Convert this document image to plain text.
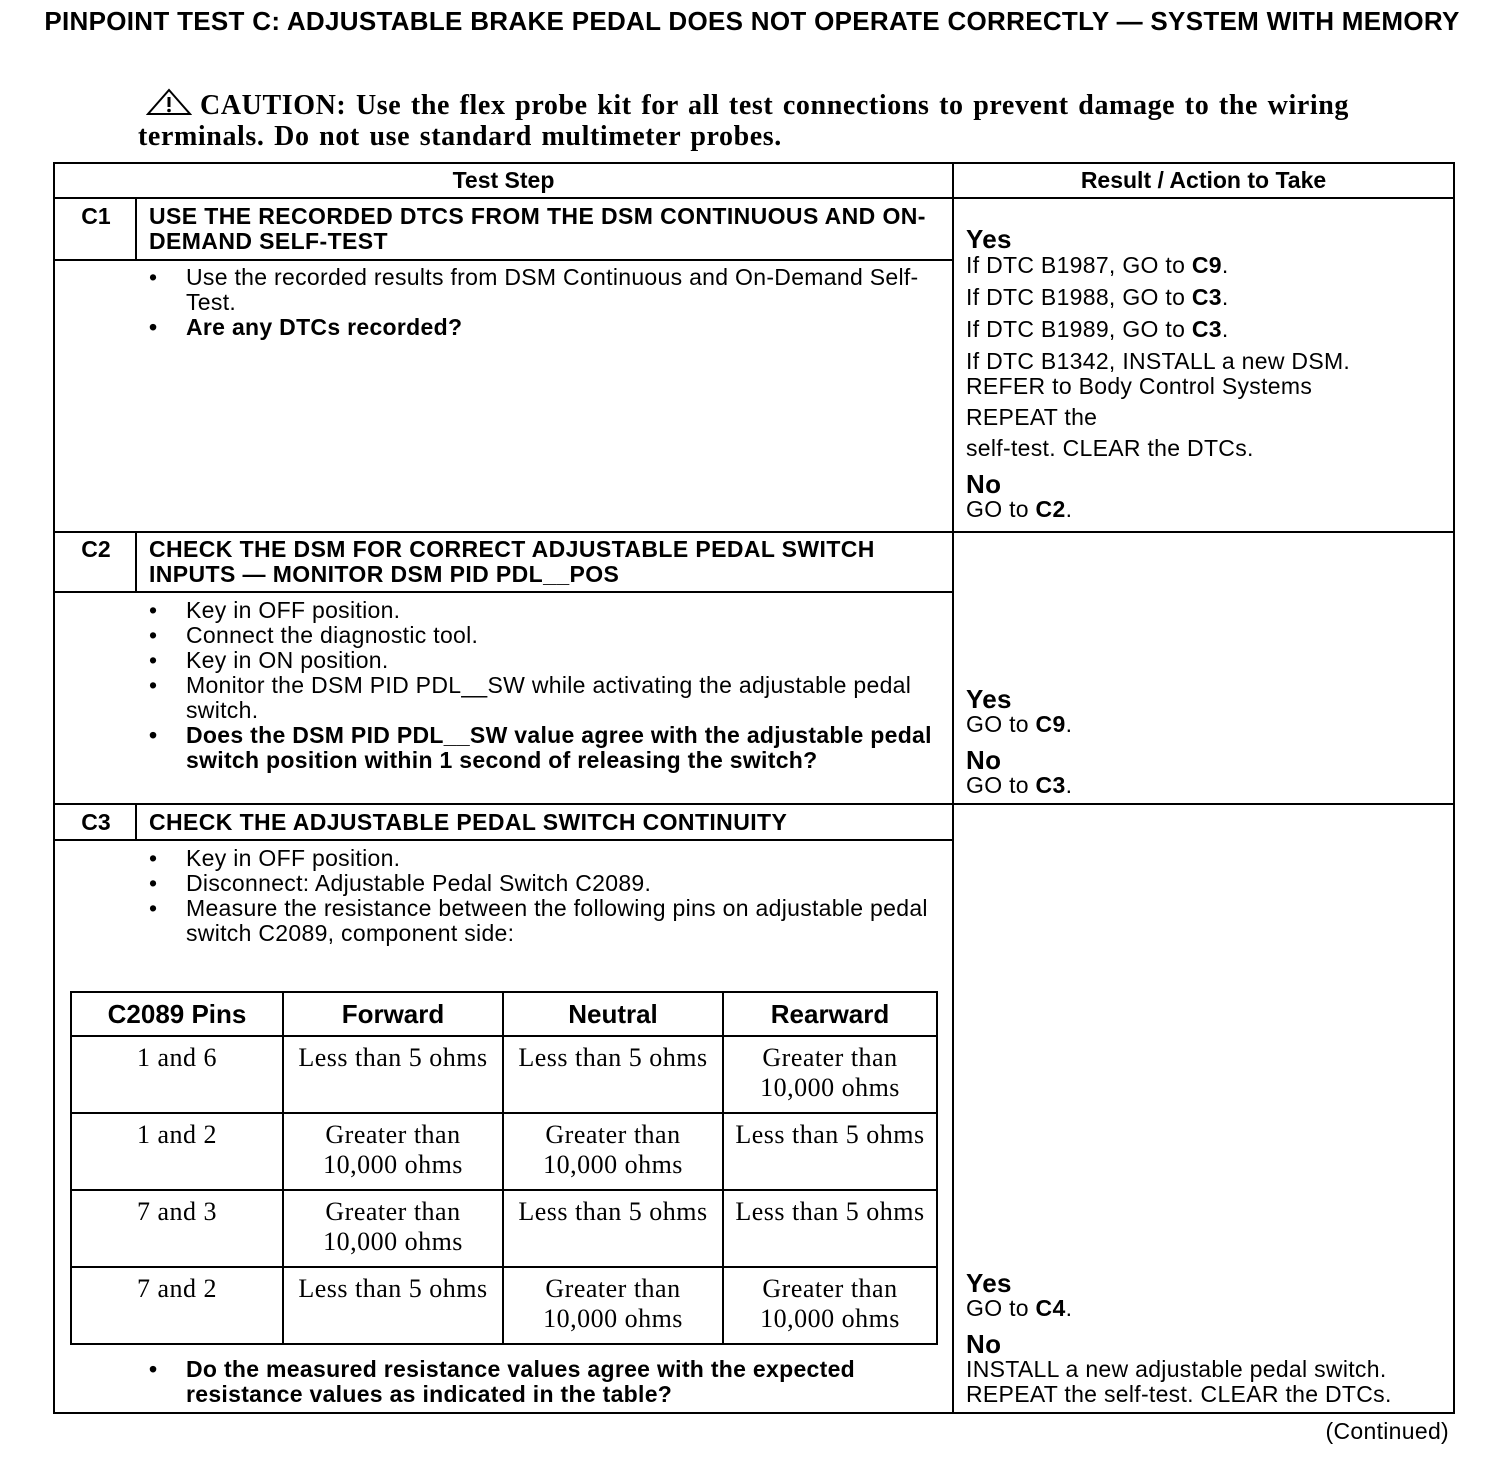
PINPOINT TEST C: ADJUSTABLE BRAKE PEDAL DOES NOT OPERATE CORRECTLY — SYSTEM WITH MEMORY
CAUTION: Use the flex probe kit for all test connections to prevent damage to the wiring terminals. Do not use standard multimeter probes.
Test Step	Result / Action to Take
C1	USE THE RECORDED DTCS FROM THE DSM CONTINUOUS AND ON-DEMAND SELF-TEST
• Use the recorded results from DSM Continuous and On-Demand Self-Test.
• Are any DTCs recorded?
Yes
If DTC B1987, GO to C9.
If DTC B1988, GO to C3.
If DTC B1989, GO to C3.
If DTC B1342, INSTALL a new DSM.
REFER to Body Control Systems
REPEAT the
self-test. CLEAR the DTCs.
No
GO to C2.
C2	CHECK THE DSM FOR CORRECT ADJUSTABLE PEDAL SWITCH INPUTS — MONITOR DSM PID PDL__POS
• Key in OFF position.
• Connect the diagnostic tool.
• Key in ON position.
• Monitor the DSM PID PDL__SW while activating the adjustable pedal switch.
• Does the DSM PID PDL__SW value agree with the adjustable pedal switch position within 1 second of releasing the switch?
Yes
GO to C9.
No
GO to C3.
C3	CHECK THE ADJUSTABLE PEDAL SWITCH CONTINUITY
• Key in OFF position.
• Disconnect: Adjustable Pedal Switch C2089.
• Measure the resistance between the following pins on adjustable pedal switch C2089, component side:
C2089 Pins	Forward	Neutral	Rearward
1 and 6	Less than 5 ohms	Less than 5 ohms	Greater than 10,000 ohms
1 and 2	Greater than 10,000 ohms	Greater than 10,000 ohms	Less than 5 ohms
7 and 3	Greater than 10,000 ohms	Less than 5 ohms	Less than 5 ohms
7 and 2	Less than 5 ohms	Greater than 10,000 ohms	Greater than 10,000 ohms
• Do the measured resistance values agree with the expected resistance values as indicated in the table?
Yes
GO to C4.
No
INSTALL a new adjustable pedal switch.
REPEAT the self-test. CLEAR the DTCs.
(Continued)
